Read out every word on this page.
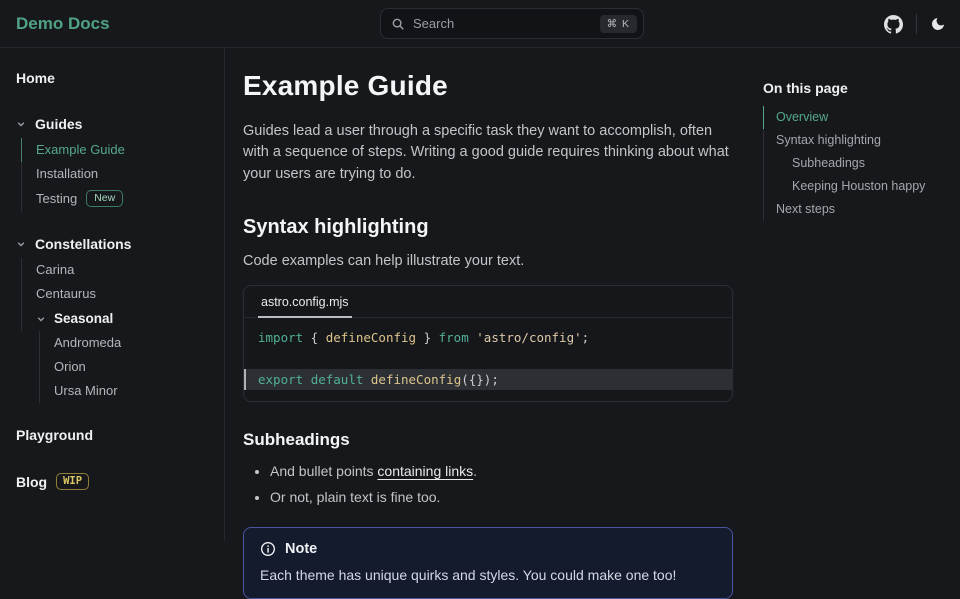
Demo Docs	Search	⌘ K
Home
Guides
Example Guide
Installation
Testing	New
Constellations
Carina
Centaurus
Seasonal
Andromeda
Orion
Ursa Minor
Playground
Blog	WIP
Example Guide

Guides lead a user through a specific task they want to accomplish, often with a sequence of steps. Writing a good guide requires thinking about what your users are trying to do.

Syntax highlighting

Code examples can help illustrate your text.

astro.config.mjs
import { defineConfig } from 'astro/config';
export default defineConfig({});
Subheadings
• And bullet points containing links.
• Or not, plain text is fine too.
Note

Each theme has unique quirks and styles. You could make one too!

On this page
Overview
Syntax highlighting
Subheadings
Keeping Houston happy
Next steps
